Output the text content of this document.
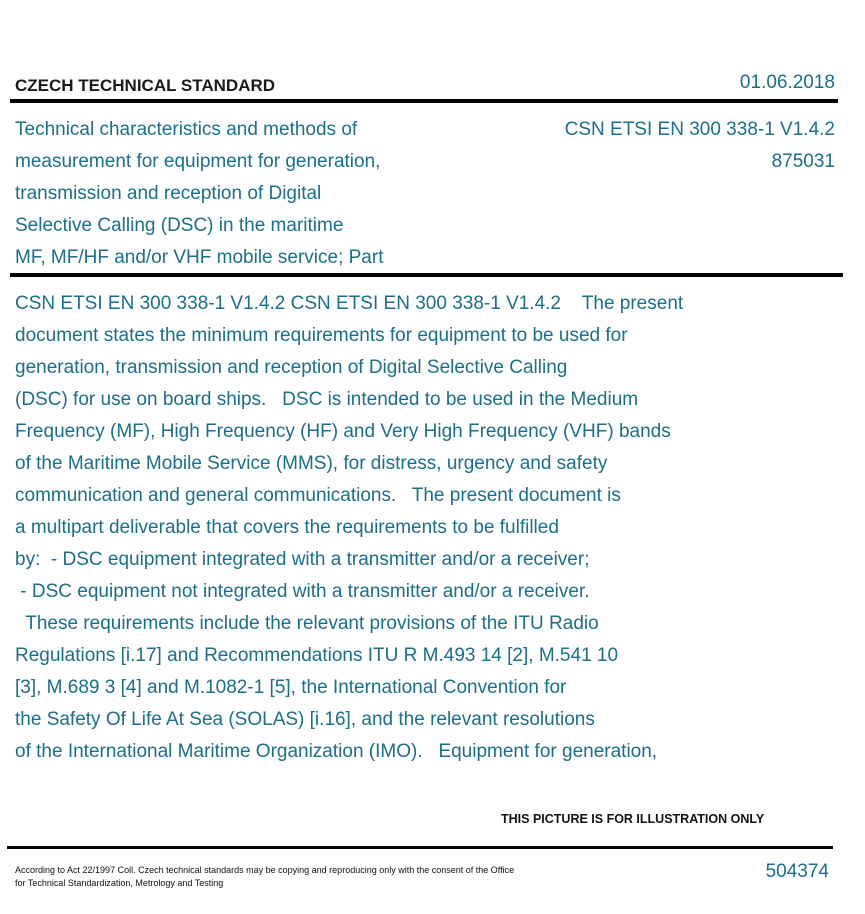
CZECH TECHNICAL STANDARD	01.06.2018
Technical characteristics and methods of
measurement for equipment for generation,
transmission and reception of Digital
Selective Calling (DSC) in the maritime
MF, MF/HF and/or VHF mobile service; Part
CSN ETSI EN 300 338-1 V1.4.2
875031
CSN ETSI EN 300 338-1 V1.4.2 CSN ETSI EN 300 338-1 V1.4.2    The present
document states the minimum requirements for equipment to be used for
generation, transmission and reception of Digital Selective Calling
(DSC) for use on board ships.   DSC is intended to be used in the Medium
Frequency (MF), High Frequency (HF) and Very High Frequency (VHF) bands
of the Maritime Mobile Service (MMS), for distress, urgency and safety
communication and general communications.   The present document is
a multipart deliverable that covers the requirements to be fulfilled
by:  - DSC equipment integrated with a transmitter and/or a receiver;
- DSC equipment not integrated with a transmitter and/or a receiver.
These requirements include the relevant provisions of the ITU Radio
Regulations [i.17] and Recommendations ITU R M.493 14 [2], M.541 10
[3], M.689 3 [4] and M.1082-1 [5], the International Convention for
the Safety Of Life At Sea (SOLAS) [i.16], and the relevant resolutions
of the International Maritime Organization (IMO).   Equipment for generation,
THIS PICTURE IS FOR ILLUSTRATION ONLY
According to Act 22/1997 Coll. Czech technical standards may be copying and reproducing only with the consent of the Office
for Technical Standardization, Metrology and Testing
504374
